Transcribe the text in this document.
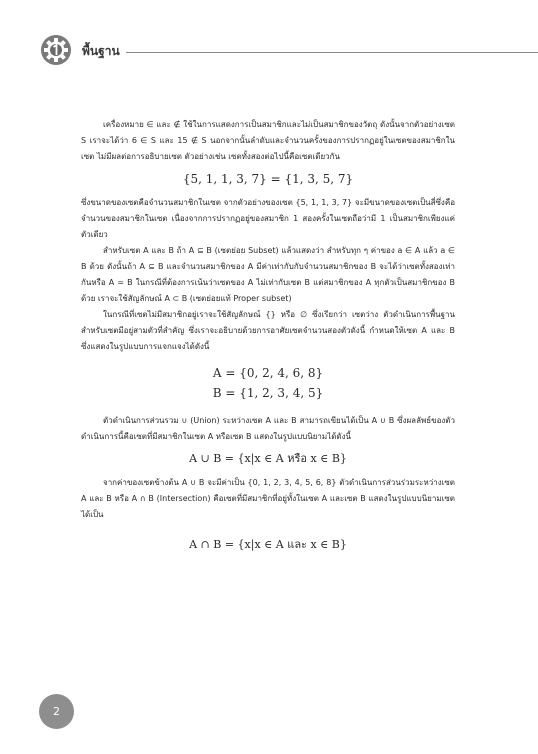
พื้นฐาน

เครื่องหมาย ∈ และ ∉ ใช้ในการแสดงการเป็นสมาชิกและไม่เป็นสมาชิกของวัตถุ ดังนั้นจากตัวอย่างเซต S เราจะได้ว่า 6 ∈ S และ 15 ∉ S นอกจากนั้นลำดับและจำนวนครั้งของการปรากฏอยู่ในเซตของสมาชิกในเซต ไม่มีผลต่อการอธิบายเซต ตัวอย่างเช่น เซตทั้งสองต่อไปนี้คือเซตเดียวกัน

{5, 1, 1, 3, 7} = {1, 3, 5, 7}

ซึ่งขนาดของเซตคือจำนวนสมาชิกในเซต จากตัวอย่างของเซต {5, 1, 1, 3, 7} จะมีขนาดของเซตเป็นสี่ซึ่งคือจำนวนของสมาชิกในเซต เนื่องจากการปรากฏอยู่ของสมาชิก 1 สองครั้งในเซตถือว่ามี 1 เป็นสมาชิกเพียงแค่ตัวเดียว

สำหรับเซต A และ B ถ้า A ⊆ B (เซตย่อย Subset) แล้วแสดงว่า สำหรับทุก ๆ ค่าของ a ∈ A แล้ว a ∈ B ด้วย ดังนั้นถ้า A ⊆ B และจำนวนสมาชิกของ A มีค่าเท่ากับกับจำนวนสมาชิกของ B จะได้ว่าเซตทั้งสองเท่ากันหรือ A = B ในกรณีที่ต้องการเน้นว่าเซตของ A ไม่เท่ากับเซต B แต่สมาชิกของ A ทุกตัวเป็นสมาชิกของ B ด้วย เราจะใช้สัญลักษณ์ A ⊂ B (เซตย่อยแท้ Proper subset)

ในกรณีที่เซตไม่มีสมาชิกอยู่เราจะใช้สัญลักษณ์ {} หรือ ∅ ซึ่งเรียกว่า เซตว่าง ตัวดำเนินการพื้นฐานสำหรับเซตมีอยู่สามตัวที่สำคัญ ซึ่งเราจะอธิบายด้วยการอาศัยเซตจำนวนสองตัวดังนี้ กำหนดให้เซต A และ B ซึ่งแสดงในรูปแบบการแจกแจงได้ดังนี้

A = {0, 2, 4, 6, 8}
B = {1, 2, 3, 4, 5}

ตัวดำเนินการส่วนรวม ∪ (Union) ระหว่างเซต A และ B สามารถเขียนได้เป็น A ∪ B ซึ่งผลลัพธ์ของตัวดำเนินการนี้คือเซตที่มีสมาชิกในเซต A หรือเซต B แสดงในรูปแบบนิยามได้ดังนี้

A ∪ B = {x|x ∈ A หรือ x ∈ B}

จากค่าของเซตข้างต้น A ∪ B จะมีค่าเป็น {0, 1, 2, 3, 4, 5, 6, 8} ตัวดำเนินการส่วนร่วมระหว่างเซต A และ B หรือ A ∩ B (Intersection) คือเซตที่มีสมาชิกที่อยู่ทั้งในเซต A และเซต B แสดงในรูปแบบนิยามเซตได้เป็น

A ∩ B = {x|x ∈ A และ x ∈ B}
2
